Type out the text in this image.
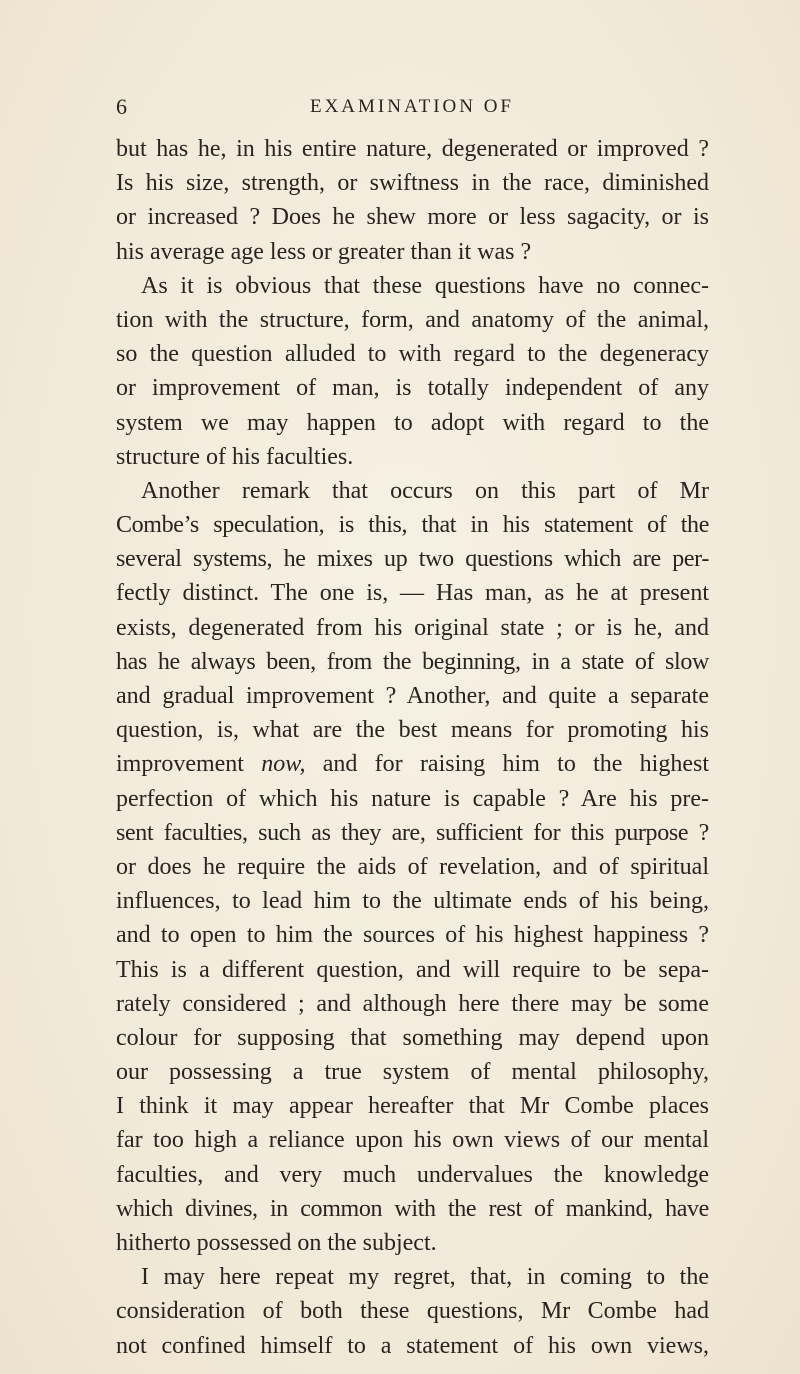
6	EXAMINATION OF
but has he, in his entire nature, degenerated or improved ?
Is his size, strength, or swiftness in the race, diminished
or increased ? Does he shew more or less sagacity, or is
his average age less or greater than it was ?
As it is obvious that these questions have no connec-
tion with the structure, form, and anatomy of the animal,
so the question alluded to with regard to the degeneracy
or improvement of man, is totally independent of any
system we may happen to adopt with regard to the
structure of his faculties.
Another remark that occurs on this part of Mr
Combe’s speculation, is this, that in his statement of the
several systems, he mixes up two questions which are per-
fectly distinct. The one is, — Has man, as he at present
exists, degenerated from his original state ; or is he, and
has he always been, from the beginning, in a state of slow
and gradual improvement ? Another, and quite a separate
question, is, what are the best means for promoting his
improvement now, and for raising him to the highest
perfection of which his nature is capable ? Are his pre-
sent faculties, such as they are, sufficient for this purpose ?
or does he require the aids of revelation, and of spiritual
influences, to lead him to the ultimate ends of his being,
and to open to him the sources of his highest happiness ?
This is a different question, and will require to be sepa-
rately considered ; and although here there may be some
colour for supposing that something may depend upon
our possessing a true system of mental philosophy,
I think it may appear hereafter that Mr Combe places
far too high a reliance upon his own views of our mental
faculties, and very much undervalues the knowledge
which divines, in common with the rest of mankind, have
hitherto possessed on the subject.
I may here repeat my regret, that, in coming to the
consideration of both these questions, Mr Combe had
not confined himself to a statement of his own views,
